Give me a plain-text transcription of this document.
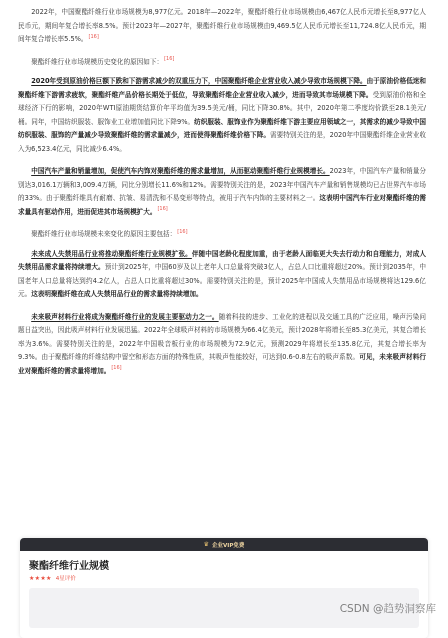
2022年，中国聚酯纤维行业市场规模为8,977亿元。2018年—2022年，聚酯纤维行业市场规模由6,467亿人民币元增长至8,977亿人民币元，期间年复合增长率8.5%。预计2023年—2027年，聚酯纤维行业市场规模由9,469.5亿人民币元增长至11,724.8亿人民币元，期间年复合增长率5.5%。[16]

聚酯纤维行业市场规模历史变化的原因如下：[16]

2020年受到原油价格巨额下跌和下游需求减少的双重压力下，中国聚酯纤维企业营业收入减少导致市场规模下降。由于原油价格低迷和聚酯纤维下游需求疲软，聚酯纤维产品价格长期处于低位，导致聚酯纤维企业营业收入减少，进而导致其市场规模下降。受到原油价格和全球经济下行的影响，2020年WTI原油期货结算价年平均值为39.5美元/桶，同比下降30.8%。其中，2020年第二季度均价跌至28.1美元/桶。同年，中国纺织服装、服饰业工业增加值同比下降9%。纺织服装、服饰业作为聚酯纤维下游主要应用领域之一，其需求的减少导致中国纺织服装、服饰的产量减少导致聚酯纤维的需求量减少，进而使得聚酯纤维价格下降。需要特别关注的是，2020年中国聚酯纤维企业营业收入为6,523.4亿元，同比减少6.4%。

中国汽车产量和销量增加，促使汽车内饰对聚酯纤维的需求量增加，从而驱动聚酯纤维行业规模增长。2023年，中国汽车产量和销量分别达3,016.1万辆和3,009.4万辆，同比分别增长11.6%和12%。需要特别关注的是，2023年中国汽车产量和销售规模均已占世界汽车市场的33%。由于聚酯纤维具有耐磨、抗皱、易清洗和不易变形等特点，被用于汽车内饰的主要材料之一。这表明中国汽车行业对聚酯纤维的需求量具有驱动作用，进而促进其市场规模扩大。[16]

聚酯纤维行业市场规模未来变化的原因主要包括：[16]

未来成人失禁用品行业将推动聚酯纤维行业规模扩张。伴随中国老龄化程度加重，由于老龄人面临更大失去行动力和自理能力，对成人失禁用品需求量将持续增大。预计到2025年，中国60岁及以上老年人口总量将突破3亿人，占总人口比重将超过20%。预计到2035年，中国老年人口总量将达到约4.2亿人，占总人口比重将超过30%。需要特别关注的是，预计2025年中国成人失禁用品市场规模将达129.6亿元。这表明聚酯纤维在成人失禁用品行业的需求量将持续增加。

未来吸声材料行业将成为聚酯纤维行业的发展主要驱动力之一。随着科技的进步、工业化的进程以及交通工具的广泛应用，噪声污染问题日益突出，因此吸声材料行业发展迅猛。2022年全球吸声材料的市场规模为66.4亿美元，预计2028年将增长至85.3亿美元，其复合增长率为3.6%。需要特别关注的是，2022年中国吸音板行业的市场规模为72.9亿元，预测2029年将增长至135.8亿元，其复合增长率为9.3%。由于聚酯纤维的纤维结构中留空和形态方面的特殊性质，其吸声性能较好，可达到0.6-0.8左右的吸声系数。可见，未来吸声材料行业对聚酯纤维的需求量将增加。[16]

♛ 企业VIP免费
聚酯纤维行业规模
★★★★ 4星评价
CSDN @趋势洞察库
